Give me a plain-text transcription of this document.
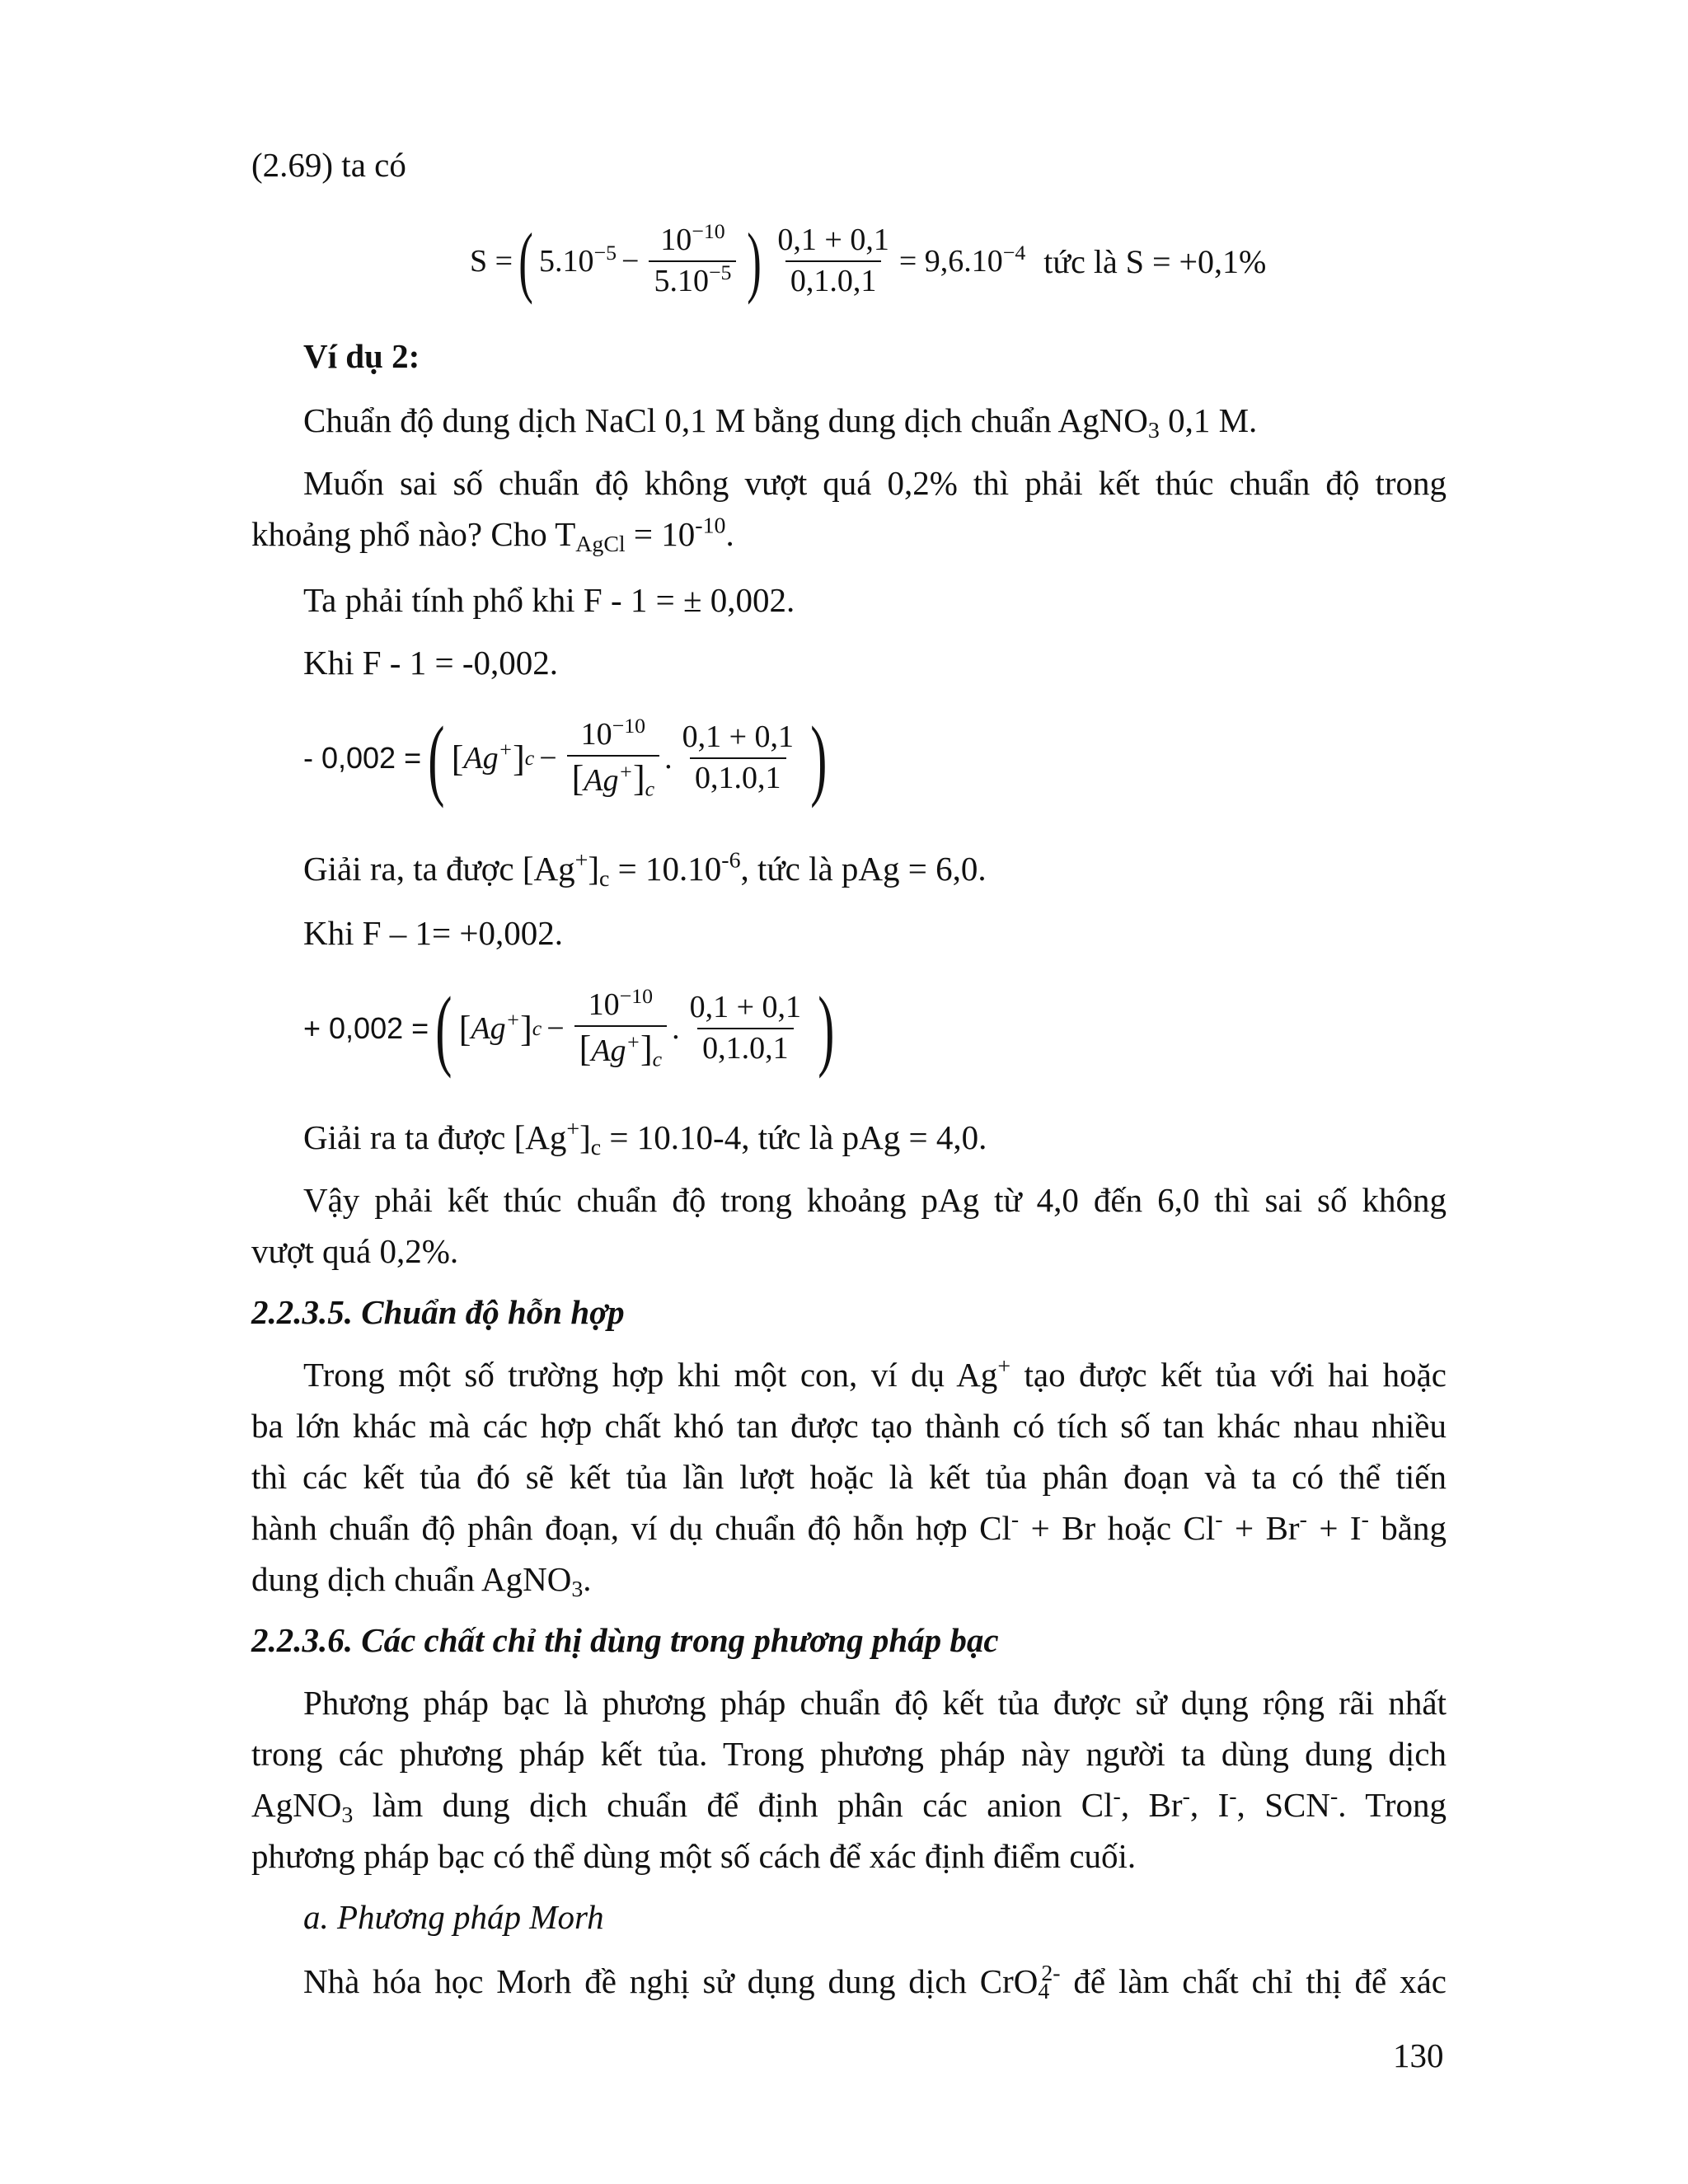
(2.69) ta có
S = ( $5.10^{-5} - \frac{10^{-10}}{5.10^{-5}}$ ) $\frac{0,1 + 0,1}{0,1.0,1} = 9,6.10^{-4}$ tức là S = +0,1%
Ví dụ 2:
Chuẩn độ dung dịch NaCl 0,1 M bằng dung dịch chuẩn AgNO$_3$ 0,1 M.
Muốn sai số chuẩn độ không vượt quá 0,2% thì phải kết thúc chuẩn độ trong
khoảng phổ nào? Cho $T_{AgCl} = 10^{-10}$.
Ta phải tính phổ khi F - 1 = ± 0,002.
Khi F - 1 = -0,002.
- 0,002 = ( [ Ag+ ] $c - \frac{10^{-10}}{[Ag^+]_c}$ . $\frac{0,1 + 0,1}{0,1.0,1}$ )
Giải ra, ta được $[Ag^+]_c = 10.10^{-6}$, tức là pAg = 6,0.
Khi F – 1= +0,002.
+ 0,002 = ( [ Ag+ ] $c - \frac{10^{-10}}{[Ag^+]_c}$ . $\frac{0,1 + 0,1}{0,1.0,1}$ )
Giải ra ta được $[Ag^+]_c = 10.10-4$, tức là pAg = 4,0.
Vậy phải kết thúc chuẩn độ trong khoảng pAg từ 4,0 đến 6,0 thì sai số không
vượt quá 0,2%.
2.2.3.5. Chuẩn độ hỗn hợp
Trong một số trường hợp khi một con, ví dụ Ag+ tạo được kết tủa với hai hoặc
ba lớn khác mà các hợp chất khó tan được tạo thành có tích số tan khác nhau nhiều
thì các kết tủa đó sẽ kết tủa lần lượt hoặc là kết tủa phân đoạn và ta có thể tiến
hành chuẩn độ phân đoạn, ví dụ chuẩn độ hỗn hợp Cl- + Br hoặc Cl- + Br- + I- bằng
dung dịch chuẩn AgNO$_3$.
2.2.3.6. Các chất chỉ thị dùng trong phương pháp bạc
Phương pháp bạc là phương pháp chuẩn độ kết tủa được sử dụng rộng rãi nhất
trong các phương pháp kết tủa. Trong phương pháp này người ta dùng dung dịch
AgNO$_3$ làm dung dịch chuẩn để định phân các anion Cl-, Br-, I-, SCN-. Trong
phương pháp bạc có thể dùng một số cách để xác định điểm cuối.
a. Phương pháp Morh
Nhà hóa học Morh đề nghị sử dụng dung dịch CrO$_4^{2-}$ để làm chất chỉ thị để xác
130
